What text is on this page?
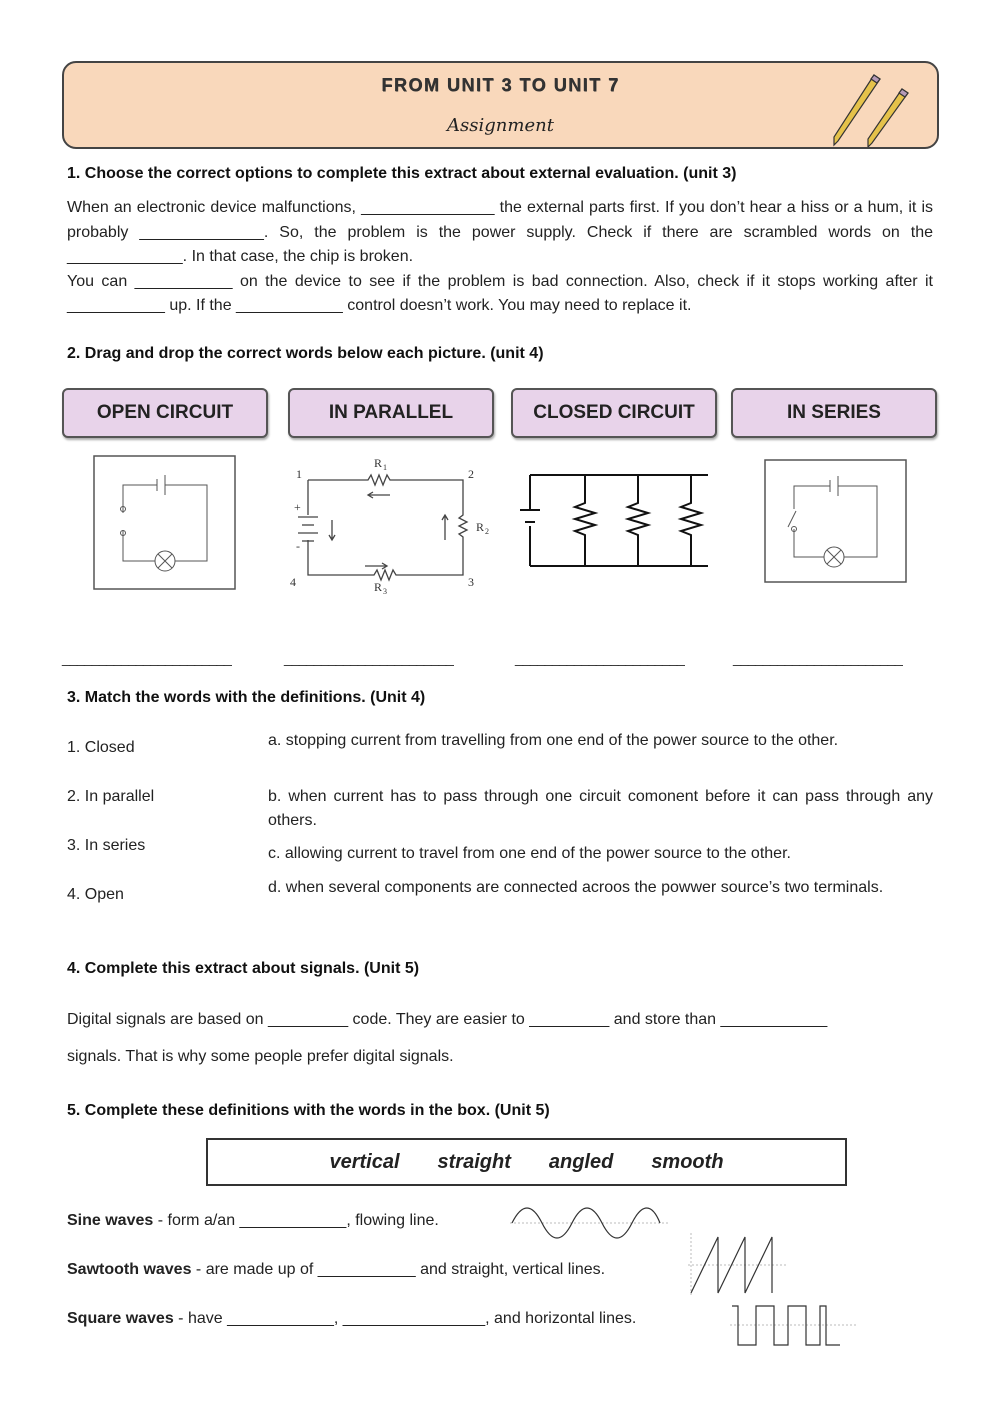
FROM UNIT 3 TO UNIT 7
Assignment
1. Choose the correct options to complete this extract about external evaluation. (unit 3)

When an electronic device malfunctions, _______________ the external parts first. If you don’t hear a hiss or a hum, it is probably ______________. So, the problem is the power supply. Check if there are scrambled words on the _____________. In that case, the chip is broken.

You can ___________ on the device to see if the problem is bad connection. Also, check if it stops working after it ___________ up. If the ____________ control doesn’t work. You may need to replace it.

2. Drag and drop the correct words below each picture. (unit 4)
OPEN CIRCUIT	IN PARALLEL	CLOSED CIRCUIT	IN SERIES
1	2
3
4
R 1
R 2
R 3
+
-
_______________________	_______________________	_______________________	_______________________
3. Match the words with the definitions. (Unit 4)
1. Closed
2. In parallel
3. In series
4. Open
a. stopping current from travelling from one end of the power source to the other.
b. when current has to pass through one circuit comonent before it can pass through any others.
c. allowing current to travel from one end of the power source to the other.
d. when several components are connected acroos the powwer source’s two terminals.
4. Complete this extract about signals. (Unit 5)
Digital signals are based on _________ code. They are easier to _________ and store than ____________
signals. That is why some people prefer digital signals.
5. Complete these definitions with the words in the box. (Unit 5)
vertical straight angled smooth
Sine waves - form a/an ____________, flowing line.
Sawtooth waves - are made up of ___________ and straight, vertical lines.
Square waves - have ____________, ________________, and horizontal lines.
